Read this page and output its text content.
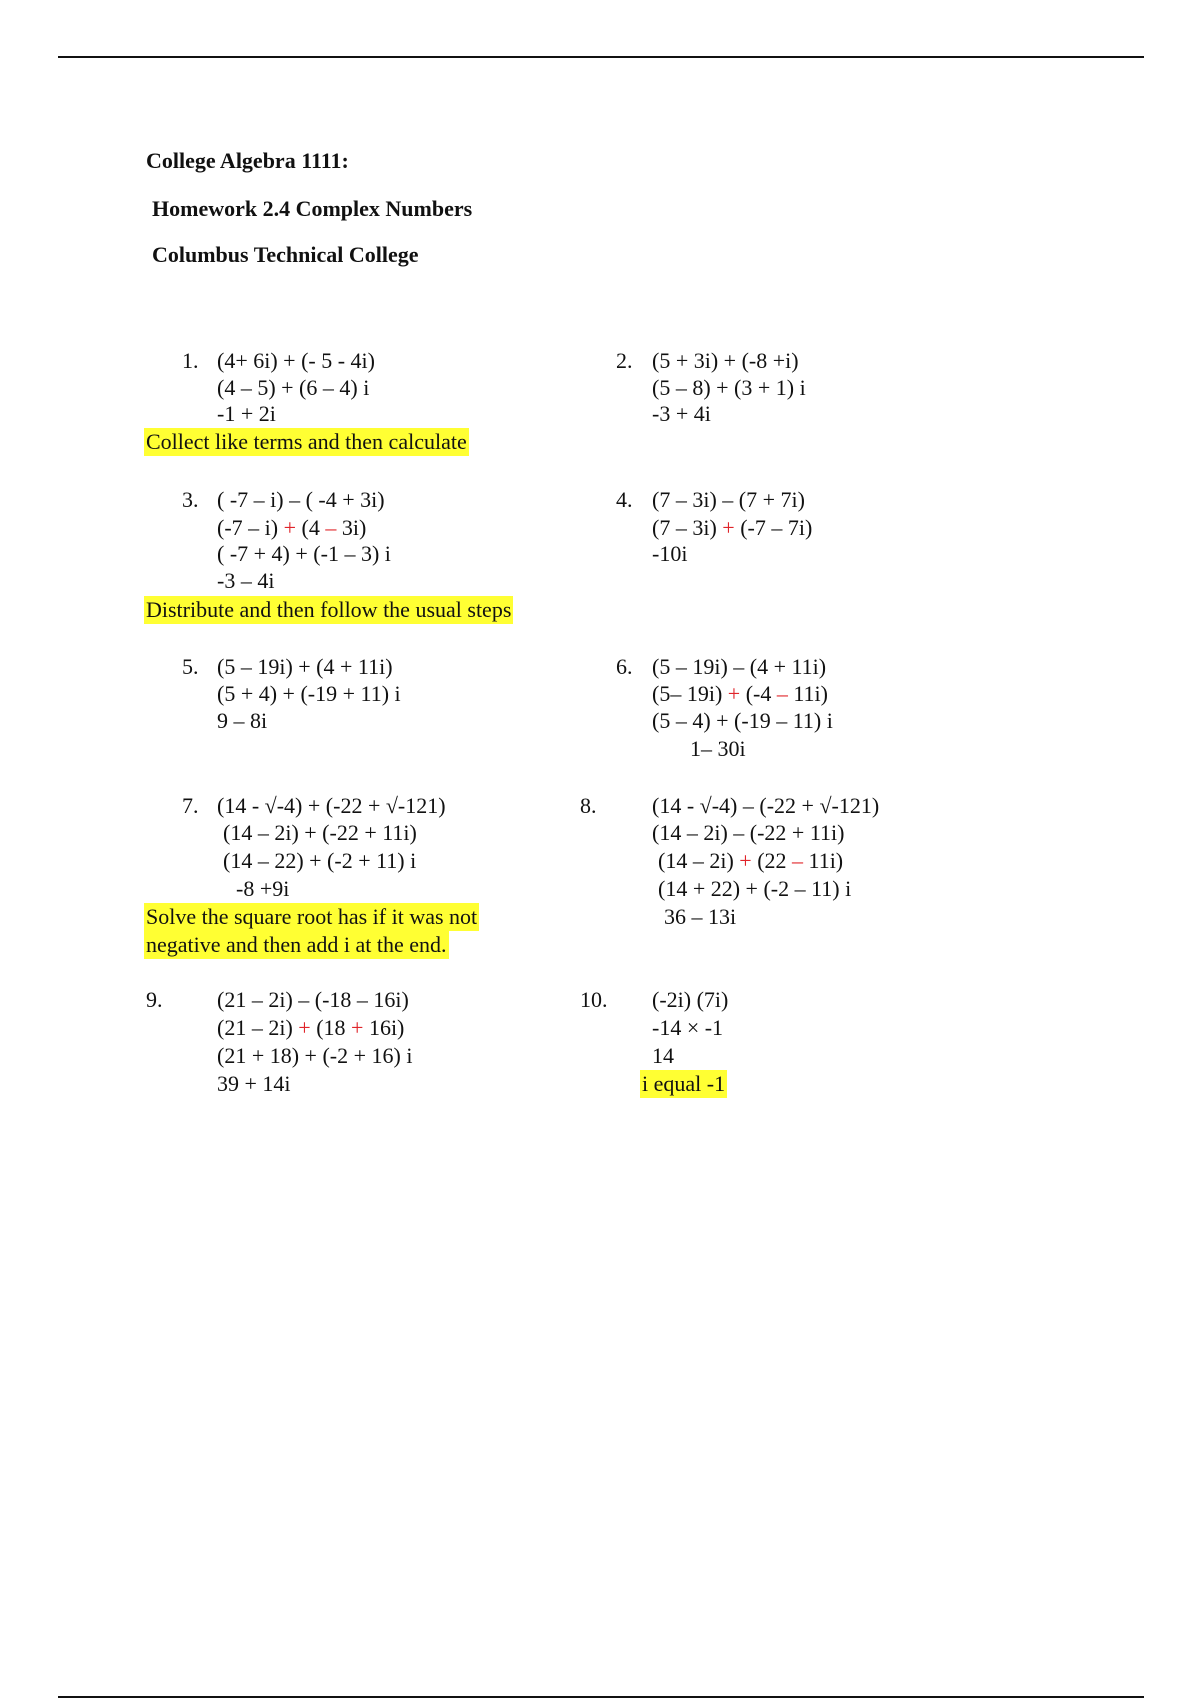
College Algebra 1111:
Homework 2.4 Complex Numbers
Columbus Technical College
1.	2.
3.	4.
5.	6.
7.	8.
9.	10.
(4+ 6i) + (- 5 - 4i)
(4 – 5) + (6 – 4) i
-1 + 2i
(5 + 3i) + (-8 +i)
(5 – 8) + (3 + 1) i
-3 + 4i
( -7 – i) – ( -4 + 3i)
(-7 – i) + (4 – 3i)
( -7 + 4) + (-1 – 3) i
-3 – 4i
(7 – 3i) – (7 + 7i)
(7 – 3i) + (-7 – 7i)
-10i
(5 – 19i) + (4 + 11i)
(5 + 4) + (-19 + 11) i
9 – 8i
(5 – 19i) – (4 + 11i)
(5– 19i) + (-4 – 11i)
(5 – 4) + (-19 – 11) i
1– 30i
(14 - √-4) + (-22 + √-121)
(14 – 2i) + (-22 + 11i)
(14 – 22) + (-2 + 11) i
-8 +9i
(14 - √-4) – (-22 + √-121)
(14 – 2i) – (-22 + 11i)
(14 – 2i) + (22 – 11i)
(14 + 22) + (-2 – 11) i
36 – 13i
(21 – 2i) – (-18 – 16i)
(21 – 2i) + (18 + 16i)
(21 + 18) + (-2 + 16) i
39 + 14i
(-2i) (7i)
-14 × -1
14
Collect like terms and then calculate
Distribute and then follow the usual steps
Solve the square root has if it was not
negative and then add i at the end.
i equal -1
